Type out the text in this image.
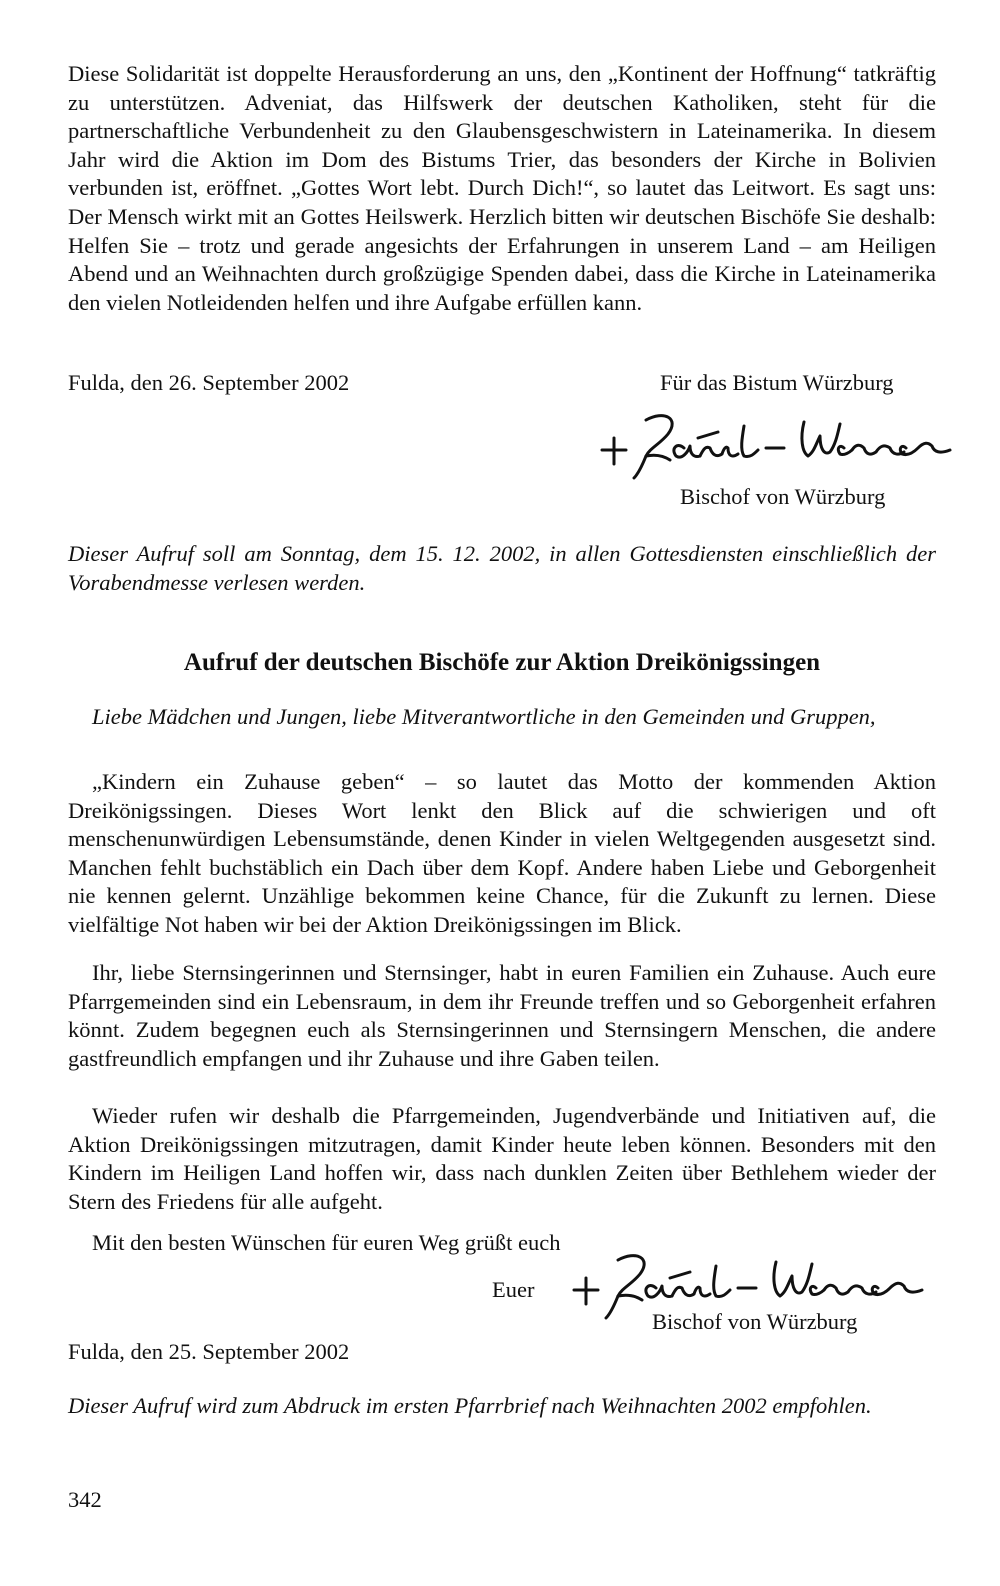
Diese Solidarität ist doppelte Herausforderung an uns, den „Kontinent der Hoffnung“ tatkräftig zu unterstützen. Adveniat, das Hilfswerk der deutschen Katholiken, steht für die partnerschaftliche Verbundenheit zu den Glaubensgeschwistern in Lateinamerika. In diesem Jahr wird die Aktion im Dom des Bistums Trier, das besonders der Kirche in Bolivien verbunden ist, eröffnet. „Gottes Wort lebt. Durch Dich!“, so lautet das Leitwort. Es sagt uns: Der Mensch wirkt mit an Gottes Heilswerk. Herzlich bitten wir deutschen Bischöfe Sie deshalb: Helfen Sie – trotz und gerade angesichts der Erfahrungen in unserem Land – am Heiligen Abend und an Weihnachten durch großzügige Spenden dabei, dass die Kirche in Lateinamerika den vielen Notleidenden helfen und ihre Aufgabe erfüllen kann.

Fulda, den 26. September 2002	Für das Bistum Würzburg
Bischof von Würzburg

Dieser Aufruf soll am Sonntag, dem 15. 12. 2002, in allen Gottesdiensten einschließlich der Vorabendmesse verlesen werden.

Aufruf der deutschen Bischöfe zur Aktion Dreikönigssingen

Liebe Mädchen und Jungen, liebe Mitverantwortliche in den Gemeinden und Gruppen,

„Kindern ein Zuhause geben“ – so lautet das Motto der kommenden Aktion Dreikönigssingen. Dieses Wort lenkt den Blick auf die schwierigen und oft menschenunwürdigen Lebensumstände, denen Kinder in vielen Weltgegenden ausgesetzt sind. Manchen fehlt buchstäblich ein Dach über dem Kopf. Andere haben Liebe und Geborgenheit nie kennen gelernt. Unzählige bekommen keine Chance, für die Zukunft zu lernen. Diese vielfältige Not haben wir bei der Aktion Dreikönigssingen im Blick.

Ihr, liebe Sternsingerinnen und Sternsinger, habt in euren Familien ein Zuhause. Auch eure Pfarrgemeinden sind ein Lebensraum, in dem ihr Freunde treffen und so Geborgenheit erfahren könnt. Zudem begegnen euch als Sternsingerinnen und Sternsingern Menschen, die andere gastfreundlich empfangen und ihr Zuhause und ihre Gaben teilen.

Wieder rufen wir deshalb die Pfarrgemeinden, Jugendverbände und Initiativen auf, die Aktion Dreikönigssingen mitzutragen, damit Kinder heute leben können. Besonders mit den Kindern im Heiligen Land hoffen wir, dass nach dunklen Zeiten über Bethlehem wieder der Stern des Friedens für alle aufgeht.

Mit den besten Wünschen für euren Weg grüßt euch
Euer
Bischof von Würzburg
Fulda, den 25. September 2002

Dieser Aufruf wird zum Abdruck im ersten Pfarrbrief nach Weihnachten 2002 empfohlen.

342
